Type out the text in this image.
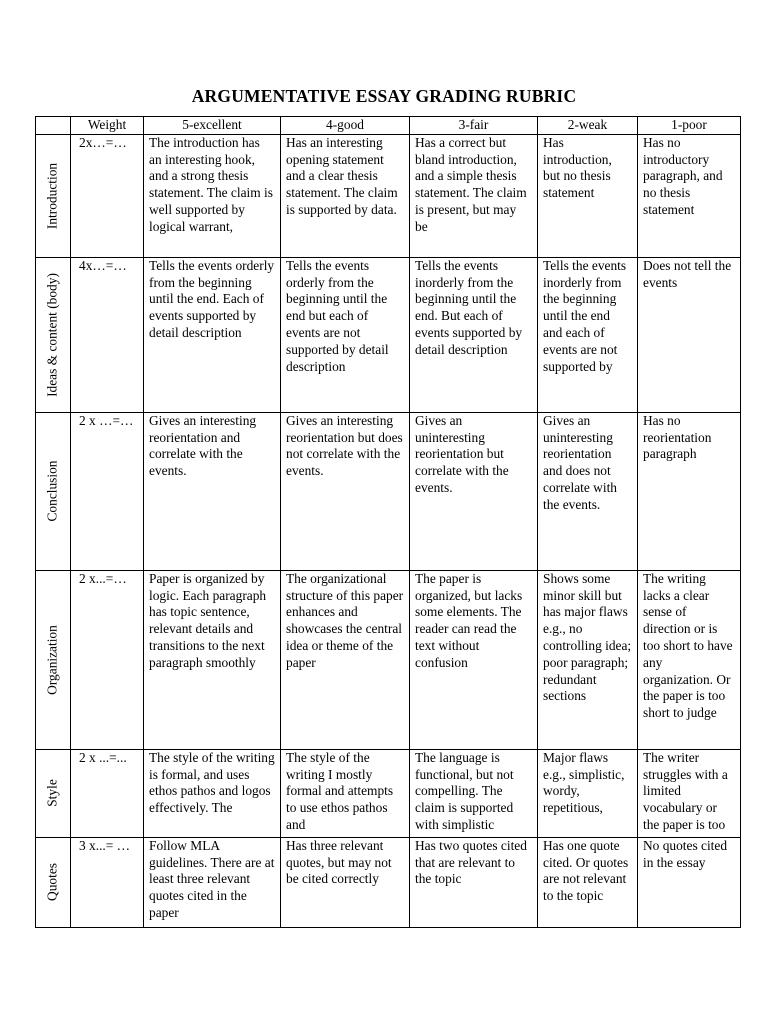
ARGUMENTATIVE ESSAY GRADING RUBRIC
	Weight	5-excellent	4-good	3-fair	2-weak	1-poor

Introduction	2x…=…	The introduction has an interesting hook, and a strong thesis statement. The claim is well supported by logical warrant,	Has an interesting opening statement and a clear thesis statement. The claim is supported by data.	Has a correct but bland introduction, and a simple thesis statement. The claim is present, but may be	Has introduction, but no thesis statement	Has no introductory paragraph, and no thesis statement

Ideas & content (body)	4x…=…	Tells the events orderly from the beginning until the end. Each of events supported by detail description	Tells the events orderly from the beginning until the end but each of events are not supported by detail description	Tells the events inorderly from the beginning until the end. But each of events supported by detail description	Tells the events inorderly from the beginning until the end and each of events are not supported by	Does not tell the events

Conclusion	2 x …=…	Gives an interesting reorientation and correlate with the events.	Gives an interesting reorientation but does not correlate with the events.	Gives an uninteresting reorientation but correlate with the events.	Gives an uninteresting reorientation and does not correlate with the events.	Has no reorientation paragraph

Organization	2 x...=…	Paper is organized by logic. Each paragraph has topic sentence, relevant details and transitions to the next paragraph smoothly	The organizational structure of this paper enhances and showcases the central idea or theme of the paper	The paper is organized, but lacks some elements. The reader can read the text without confusion	Shows some minor skill but has major flaws e.g., no controlling idea; poor paragraph; redundant sections	The writing lacks a clear sense of direction or is too short to have any organization. Or the paper is too short to judge

Style	2 x ...=...	The style of the writing is formal, and uses ethos pathos and logos effectively. The	The style of the writing I mostly formal and attempts to use ethos pathos and	The language is functional, but not compelling. The claim is supported with simplistic	Major flaws e.g., simplistic, wordy, repetitious,	The writer struggles with a limited vocabulary or the paper is too

Quotes	3 x...= …	Follow MLA guidelines. There are at least three relevant quotes cited in the paper	Has three relevant quotes, but may not be cited correctly	Has two quotes cited that are relevant to the topic	Has one quote cited. Or quotes are not relevant to the topic	No quotes cited in the essay
